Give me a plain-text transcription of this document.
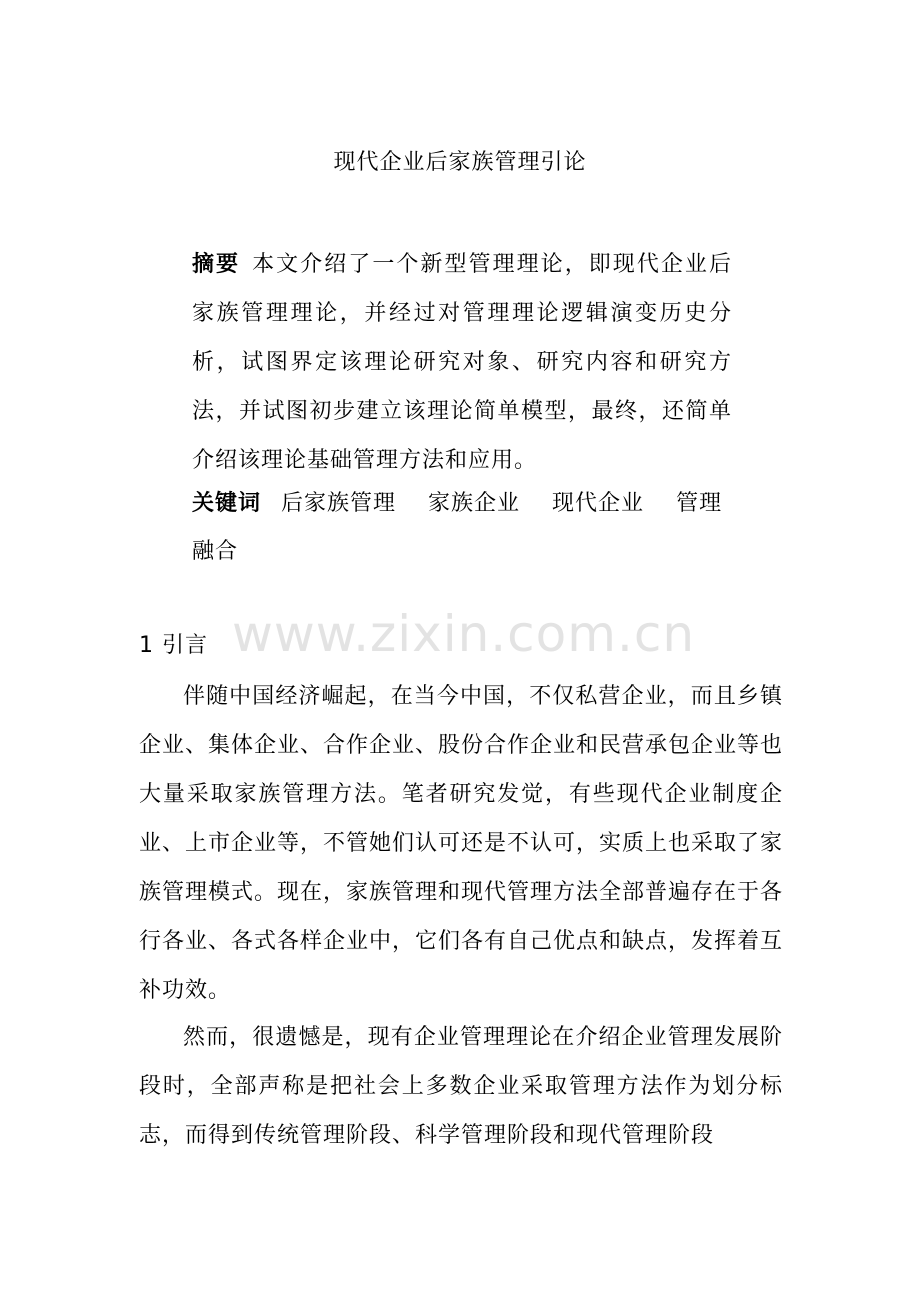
现代企业后家族管理引论
摘要 本文介绍了一个新型管理理论，即现代企业后家族管理理论，并经过对管理理论逻辑演变历史分析，试图界定该理论研究对象、研究内容和研究方法，并试图初步建立该理论简单模型，最终，还简单介绍该理论基础管理方法和应用。
关键词 后家族管理 家族企业 现代企业 管理融合
www.zixin.com.cn
1 引言

伴随中国经济崛起，在当今中国，不仅私营企业，而且乡镇企业、集体企业、合作企业、股份合作企业和民营承包企业等也大量采取家族管理方法。笔者研究发觉，有些现代企业制度企业、上市企业等，不管她们认可还是不认可，实质上也采取了家族管理模式。现在，家族管理和现代管理方法全部普遍存在于各行各业、各式各样企业中，它们各有自己优点和缺点，发挥着互补功效。

然而，很遗憾是，现有企业管理理论在介绍企业管理发展阶段时，全部声称是把社会上多数企业采取管理方法作为划分标志，而得到传统管理阶段、科学管理阶段和现代管理阶段
